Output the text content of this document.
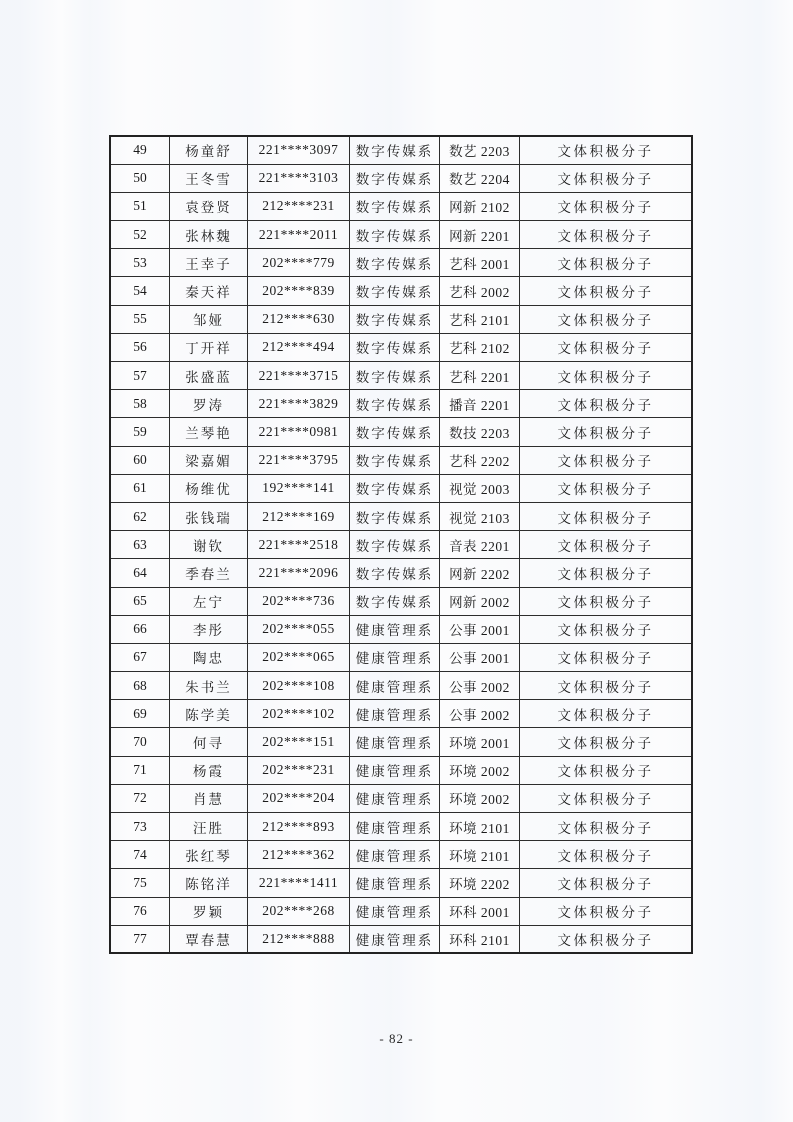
49	杨童舒	221****3097	数字传媒系	数艺 2203	文体积极分子
50	王冬雪	221****3103	数字传媒系	数艺 2204	文体积极分子
51	袁登贤	212****231	数字传媒系	网新 2102	文体积极分子
52	张林魏	221****2011	数字传媒系	网新 2201	文体积极分子
53	王幸子	202****779	数字传媒系	艺科 2001	文体积极分子
54	秦天祥	202****839	数字传媒系	艺科 2002	文体积极分子
55	邹娅	212****630	数字传媒系	艺科 2101	文体积极分子
56	丁开祥	212****494	数字传媒系	艺科 2102	文体积极分子
57	张盛蓝	221****3715	数字传媒系	艺科 2201	文体积极分子
58	罗涛	221****3829	数字传媒系	播音 2201	文体积极分子
59	兰琴艳	221****0981	数字传媒系	数技 2203	文体积极分子
60	梁嘉媚	221****3795	数字传媒系	艺科 2202	文体积极分子
61	杨维优	192****141	数字传媒系	视觉 2003	文体积极分子
62	张钱瑞	212****169	数字传媒系	视觉 2103	文体积极分子
63	谢钦	221****2518	数字传媒系	音表 2201	文体积极分子
64	季春兰	221****2096	数字传媒系	网新 2202	文体积极分子
65	左宁	202****736	数字传媒系	网新 2002	文体积极分子
66	李彤	202****055	健康管理系	公事 2001	文体积极分子
67	陶忠	202****065	健康管理系	公事 2001	文体积极分子
68	朱书兰	202****108	健康管理系	公事 2002	文体积极分子
69	陈学美	202****102	健康管理系	公事 2002	文体积极分子
70	何寻	202****151	健康管理系	环境 2001	文体积极分子
71	杨霞	202****231	健康管理系	环境 2002	文体积极分子
72	肖慧	202****204	健康管理系	环境 2002	文体积极分子
73	汪胜	212****893	健康管理系	环境 2101	文体积极分子
74	张红琴	212****362	健康管理系	环境 2101	文体积极分子
75	陈铭洋	221****1411	健康管理系	环境 2202	文体积极分子
76	罗颖	202****268	健康管理系	环科 2001	文体积极分子
77	覃春慧	212****888	健康管理系	环科 2101	文体积极分子
- 82 -
